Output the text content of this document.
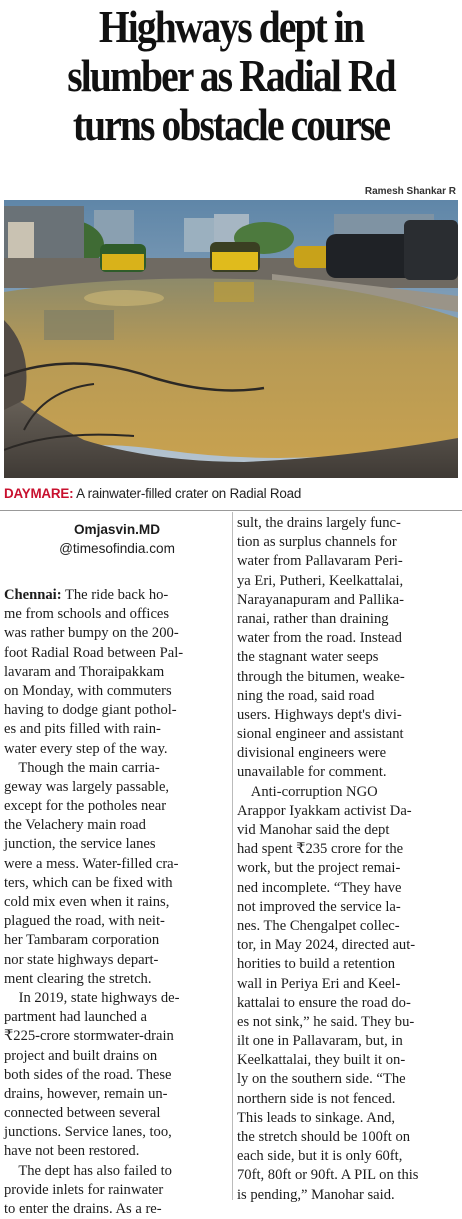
Highways dept in
slumber as Radial Rd
turns obstacle course
Ramesh Shankar R
DAYMARE: A rainwater-filled crater on Radial Road
Omjasvin.MD
@timesofindia.com
Chennai: The ride back ho-
me from schools and offices
was rather bumpy on the 200-
foot Radial Road between Pal-
lavaram and Thoraipakkam
on Monday, with commuters
having to dodge giant pothol-
es and pits filled with rain-
water every step of the way.
Though the main carria-
geway was largely passable,
except for the potholes near
the Velachery main road
junction, the service lanes
were a mess. Water-filled cra-
ters, which can be fixed with
cold mix even when it rains,
plagued the road, with neit-
her Tambaram corporation
nor state highways depart-
ment clearing the stretch.
In 2019, state highways de-
partment had launched a
₹225-crore stormwater-drain
project and built drains on
both sides of the road. These
drains, however, remain un-
connected between several
junctions. Service lanes, too,
have not been restored.
The dept has also failed to
provide inlets for rainwater
to enter the drains. As a re-
sult, the drains largely func-
tion as surplus channels for
water from Pallavaram Peri-
ya Eri, Putheri, Keelkattalai,
Narayanapuram and Pallika-
ranai, rather than draining
water from the road. Instead
the stagnant water seeps
through the bitumen, weake-
ning the road, said road
users. Highways dept's divi-
sional engineer and assistant
divisional engineers were
unavailable for comment.
Anti-corruption NGO
Arappor Iyakkam activist Da-
vid Manohar said the dept
had spent ₹235 crore for the
work, but the project remai-
ned incomplete. “They have
not improved the service la-
nes. The Chengalpet collec-
tor, in May 2024, directed aut-
horities to build a retention
wall in Periya Eri and Keel-
kattalai to ensure the road do-
es not sink,” he said. They bu-
ilt one in Pallavaram, but, in
Keelkattalai, they built it on-
ly on the southern side. “The
northern side is not fenced.
This leads to sinkage. And,
the stretch should be 100ft on
each side, but it is only 60ft,
70ft, 80ft or 90ft. A PIL on this
is pending,” Manohar said.
